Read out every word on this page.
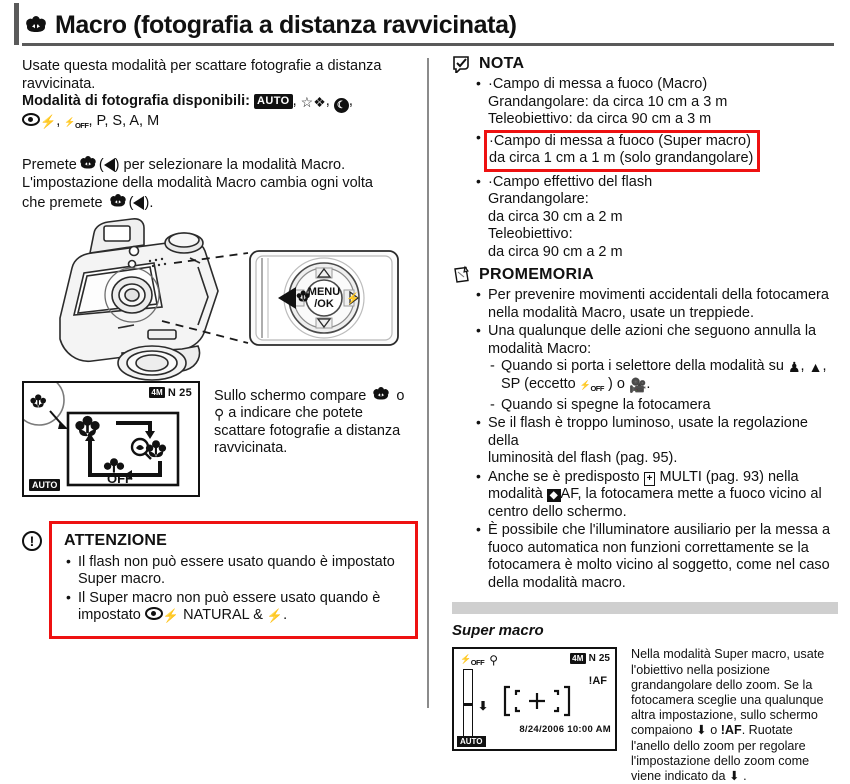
Macro (fotografia a distanza ravvicinata)

Usate questa modalità per scattare fotografie a distanza ravvicinata.

Modalità di fotografia disponibili: AUTO , ☆❖, ☾ ,
⚡, $⚡_{OFF}$, P, S, A, M

Premete ( ) per selezionare la modalità Macro.
L'impostazione della modalità Macro cambia ogni volta
che premete ( ).

⚡
MENU
/OK
4M N 25
AUTO	OFF
Sullo schermo compare o
⚲ a indicare che potete
scattare fotografie a distanza
ravvicinata.
!	ATTENZIONE
• Il flash non può essere usato quando è impostato Super macro.
• Il Super macro non può essere usato quando è
impostato ⚡ NATURAL & ⚡.
NOTA
• ·Campo di messa a fuoco (Macro)
Grandangolare: da circa 10 cm a 3 m
Teleobiettivo: da circa 90 cm a 3 m
• ·Campo di messa a fuoco (Super macro)
da circa 1 cm a 1 m (solo grandangolare)
• ·Campo effettivo del flash
Grandangolare:
da circa 30 cm a 2 m
Teleobiettivo:
da circa 90 cm a 2 m
PROMEMORIA
• Per prevenire movimenti accidentali della fotocamera
nella modalità Macro, usate un treppiede.
• Una qualunque delle azioni che seguono annulla la
modalità Macro:
- Quando si porta i selettore della modalità su ♟, ▲,
SP (eccetto $⚡_{OFF}$ ) o 🎥.
- Quando si spegne la fotocamera
• Se il flash è troppo luminoso, usate la regolazione della
luminosità del flash (pag. 95).
• Anche se è predisposto + MULTI (pag. 93) nella
modalità ◆ AF, la fotocamera mette a fuoco vicino al
centro dello schermo.
• È possibile che l'illuminatore ausiliario per la messa a
fuoco automatica non funzioni correttamente se la
fotocamera è molto vicino al soggetto, come nel caso
della modalità macro.
Super macro
$⚡_{OFF}$ ⚲	4M N 25
!AF
⬇
8/24/2006 10:00 AM
AUTO
Nella modalità Super macro, usate
l'obiettivo nella posizione
grandangolare dello zoom. Se la
fotocamera sceglie una qualunque
altra impostazione, sullo schermo
compaiono ⬇ o !AF. Ruotate
l'anello dello zoom per regolare
l'impostazione dello zoom come
viene indicato da ⬇ .
